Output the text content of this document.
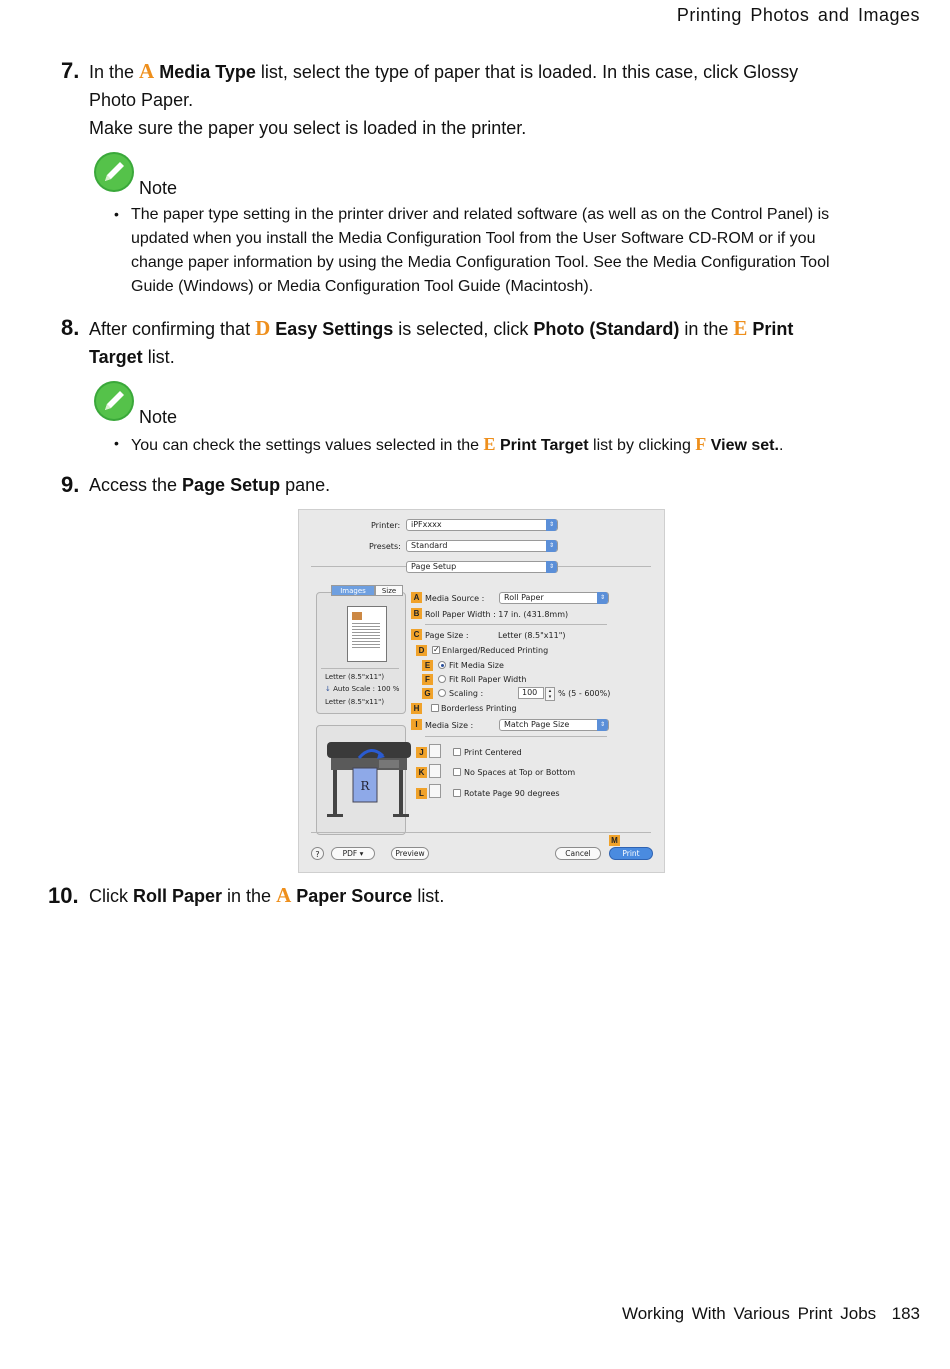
Printing Photos and Images
7. In the A Media Type list, select the type of paper that is loaded. In this case, click Glossy
Photo Paper.
Make sure the paper you select is loaded in the printer.
Note
• The paper type setting in the printer driver and related software (as well as on the Control Panel) is
updated when you install the Media Configuration Tool from the User Software CD-ROM or if you
change paper information by using the Media Configuration Tool. See the Media Configuration Tool
Guide (Windows) or Media Configuration Tool Guide (Macintosh).
8. After confirming that D Easy Settings is selected, click Photo (Standard) in the E Print
Target list.
Note
• You can check the settings values selected in the E Print Target list by clicking F View set..
9. Access the Page Setup pane.
Printer:	iPFxxxx	⇕
Presets:	Standard	⇕
Page Setup	⇕
Images	Size
Letter (8.5"x11")
↓ Auto Scale : 100 %
Letter (8.5"x11")
R
A Media Source :	Roll Paper	⇕
B Roll Paper Width : 17 in. (431.8mm)
C Page Size :	Letter (8.5"x11")
D	✓ Enlarged/Reduced Printing
E	Fit Media Size
F	Fit Roll Paper Width
G Scaling :	100	% (5 - 600%)
▴
▾
H	Borderless Printing
I Media Size :	Match Page Size	⇕
J	Print Centered
K	No Spaces at Top or Bottom
L	Rotate Page 90 degrees
M
?	PDF ▾	Preview	Cancel	Print
10. Click Roll Paper in the A Paper Source list.
Working With Various Print Jobs 183
